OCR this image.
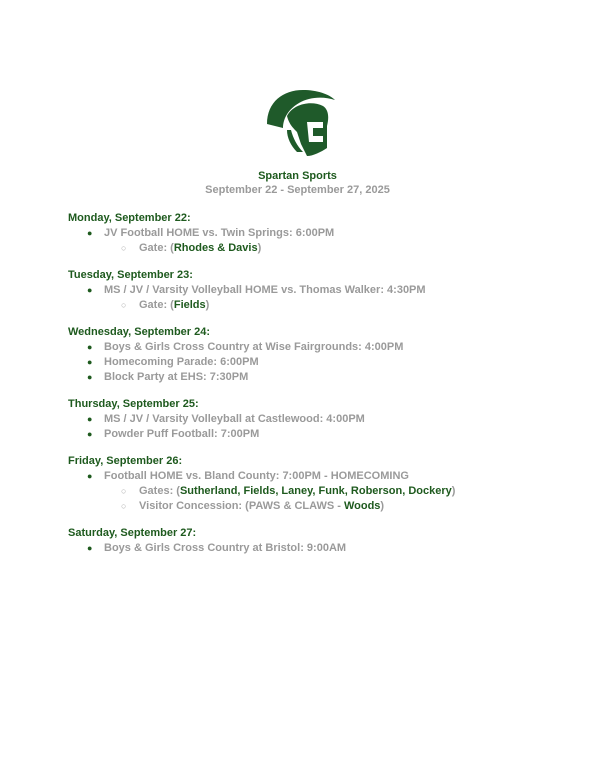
Spartan Sports
September 22 - September 27, 2025
Monday, September 22:
● JV Football HOME vs. Twin Springs: 6:00PM
○ Gate: (Rhodes & Davis)
Tuesday, September 23:
● MS / JV / Varsity Volleyball HOME vs. Thomas Walker: 4:30PM
○ Gate: (Fields)
Wednesday, September 24:
● Boys & Girls Cross Country at Wise Fairgrounds: 4:00PM
● Homecoming Parade: 6:00PM
● Block Party at EHS: 7:30PM
Thursday, September 25:
● MS / JV / Varsity Volleyball at Castlewood: 4:00PM
● Powder Puff Football: 7:00PM
Friday, September 26:
● Football HOME vs. Bland County: 7:00PM - HOMECOMING
○ Gates: (Sutherland, Fields, Laney, Funk, Roberson, Dockery)
○ Visitor Concession: (PAWS & CLAWS - Woods)
Saturday, September 27:
● Boys & Girls Cross Country at Bristol: 9:00AM
